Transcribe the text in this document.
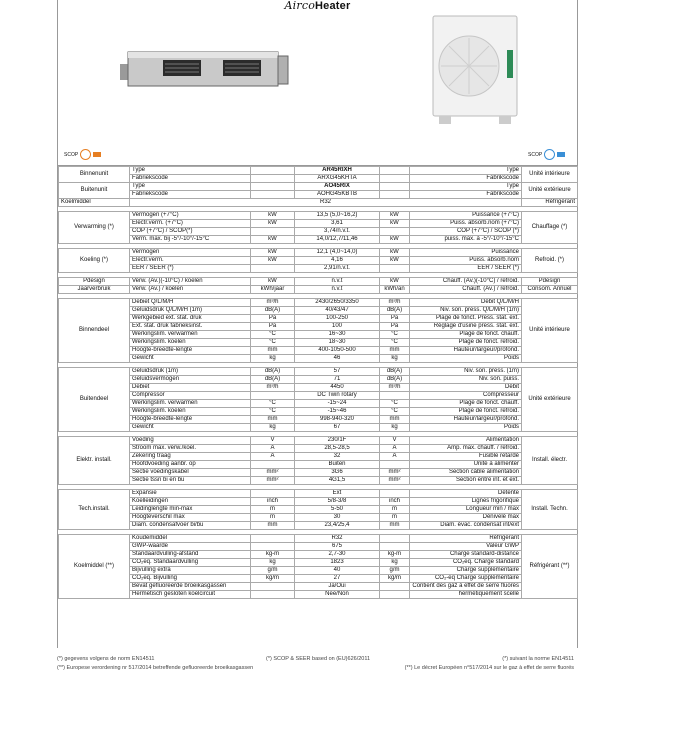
AircoHeater
SCOP	SCOP
Binnenunit	Type		AR45RIXH		Type	Unité intérieure
	Fabriekscode		ARXG45KHTA		Fabrikscode	
Buitenunit	Type		AO45RIX		Type	Unité extérieure
	Fabriekscode		AOHG45KBTB		Fabrikscode	
Koelmiddel	R32					Réfrigérant

Verwarming (*)	Vermogen (+7°C)	kW	13,5 (5,0~16,2)	kW	Puissance (+7°C)	Chauffage (*)
	Electr.verm. (+7°C)	kW	3,61	kW	Puiss. absorb.nom (+7°C)	
	COP (+7°C) / SCOP(*)		3,74/n.v.t.		COP (+7°C) / SCOP (*)	
	Verm. max. bij -5°/-10°/-15°C	kW	14,0/12,7/11,46	kW	puiss. max. à -5°/-10°/-15°C	

Koeling (*)	Vermogen	kW	12,1 (4,0~14,0)	kW	Puissance	Refroid. (*)
	Electr.verm.	kW	4,16	kW	Puiss. absorb.nom	
	EER / SEER (*)		2,91/n.v.t.		EER / SEER (*)	

Pdesign	Verw. (Av.)(-10°C) / koelen	kW	n.v.t	kW	Chauff. (Av.)(-10°C) / refroid.	Pdesign
Jaarverbruik	Verw. (Av.) / koelen	kWh/jaar	n.v.t	kWh/an	Chauff. (Av.) / refroid.	Consom. Annuel

Binnendeel	Debiet Q/L/M/H	m³/h	2430/2650/3350	m³/h	Débit Q/L/M/H	Unité intérieure
	Geluidsdruk Q/L/M/H (1m)	dB(A)	40/43/47	dB(A)	Niv. son. press. Q/L/M/H (1m)	
	Werkgebied ext. stat. druk	Pa	100-250	Pa	Plage de fonct. Press. stat. ext.	
	Ext. stat. druk fabrieksinst.	Pa	100	Pa	Réglage d'usine press. stat. ext.	
	Werkingslim. verwarmen	°C	16~30	°C	Plage de fonct. chauff.	
	Werkingslim. koelen	°C	18~30	°C	Plage de fonct. refroid.	
	Hoogte-breedte-lengte	mm	400-1050-500	mm	Hauteur/largeur/profond.	
	Gewicht	kg	46	kg	Poids	

Buitendeel	Geluidsdruk (1m)	dB(A)	57	dB(A)	Niv. son. press. (1m)	Unité extérieure
	Geluidsvermogen	dB(A)	71	dB(A)	Niv. son. puiss.	
	Debiet	m³/h	4450	m³/h	Débit	
	Compressor		DC Twin rotary		Compresseur	
	Werkingslim. verwarmen	°C	-15~24	°C	Plage de fonct. chauff.	
	Werkingslim. koelen	°C	-15~46	°C	Plage de fonct. refroid.	
	Hoogte-breedte-lengte	mm	998-940-320	mm	Hauteur/largeur/profond.	
	Gewicht	kg	67	kg	Poids	

Elektr. install.	Voeding	V	230/1F	V	Alimentation	Install. électr.
	Stroom max. verw./koel.	A	28,5-28,5	A	Amp. max. chauff. / refroid.	
	Zekering traag	A	32	A	Fusible retardé	
	Hoofdvoeding aanbr. op		Buiten		Unité à alimenter	
	Sectie voedingskabel	mm²	3G6	mm²	Section câble alimentation	
	Sectie tssn bi en bu	mm²	4G1,5	mm²	Section entre int. et ext.	

Tech.install.	Expansie		Ext		Détente	Install. Techn.
	Koelleidingen	inch	5/8-3/8	inch	Lignes frigorifique	
	Leidinglengte min-max	m	5-50	m	Longueur min / max	
	Hoogteverschil max	m	30	m	Dénivelé max	
	Diam. condensafvoer bi/bu	mm	23,4/25,4	mm	Diam. évac. condensat int/ext	

Koelmiddel (**)	Koudemiddel		R32		Réfrigérant	Réfrigérant (**)
	GWP-waarde		675		Valeur GWP	
	Standaardvulling-afstand	kg-m	2,7-30	kg-m	Charge standard-distance	
	CO₂eq. Standaardvulling	kg	1823	kg	CO₂eq. Charge standard	
	Bijvulling extra	g/m	40	g/m	Charge supplémentaire	
	CO₂eq. Bijvulling	kg/m	27	kg/m	CO₂-eq Charge supplémentaire	
	Bevat gefluoreerde broeikasgassen		Ja/Oui		Contient des gaz à effet de serre fluorés	
	Hermetisch gesloten koelcircuit		Nee/Non		hermétiquement scellé	
(*) gegevens volgens de norm EN14511
(**) Europese verordening nr 517/2014 betreffende gefluoreerde broeikasgassen
(*) SCOP & SEER based on (EU)626/2011	(*) suivant la norme EN14511
(**) Le décret Européen n°517/2014 sur le gaz à effet de serre fluorés
